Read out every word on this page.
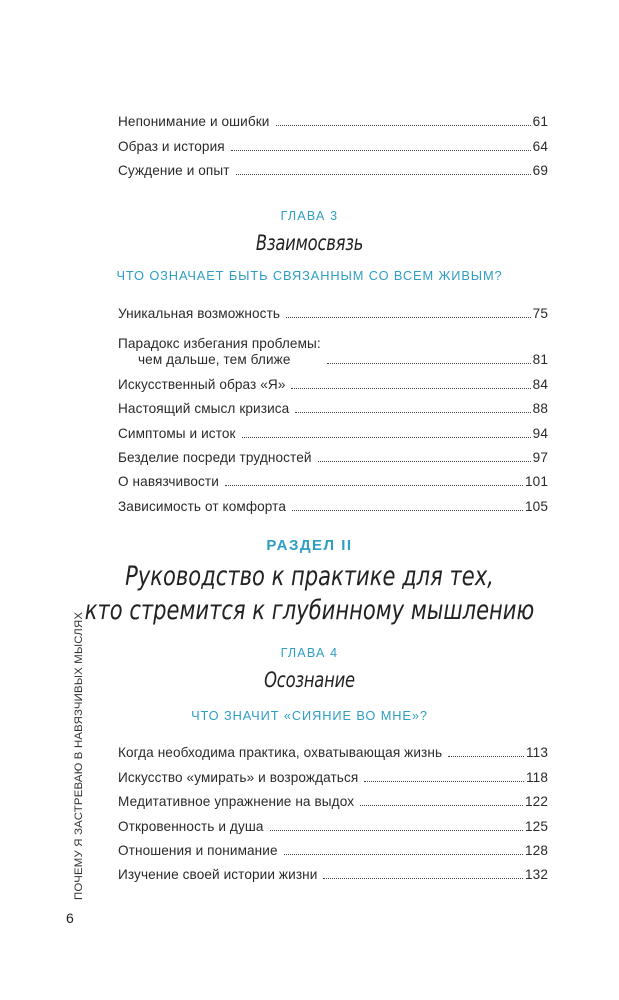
Непонимание и ошибки	61
Образ и история	64
Суждение и опыт	69
ГЛАВА 3
Взаимосвязь
ЧТО ОЗНАЧАЕТ БЫТЬ СВЯЗАННЫМ СО ВСЕМ ЖИВЫМ?
Уникальная возможность	75
Парадокс избегания проблемы:
чем дальше, тем ближе	81
Искусственный образ «Я»	84
Настоящий смысл кризиса	88
Симптомы и исток	94
Безделие посреди трудностей	97
О навязчивости	101
Зависимость от комфорта	105
РАЗДЕЛ II
Руководство к практике для тех,
кто стремится к глубинному мышлению
ГЛАВА 4
Осознание
ЧТО ЗНАЧИТ «СИЯНИЕ ВО МНЕ»?
Когда необходима практика, охватывающая жизнь	113
Искусство «умирать» и возрождаться	118
Медитативное упражнение на выдох	122
Откровенность и душа	125
Отношения и понимание	128
Изучение своей истории жизни	132
ПОЧЕМУ Я ЗАСТРЕВАЮ В НАВЯЗЧИВЫХ МЫСЛЯХ
6
